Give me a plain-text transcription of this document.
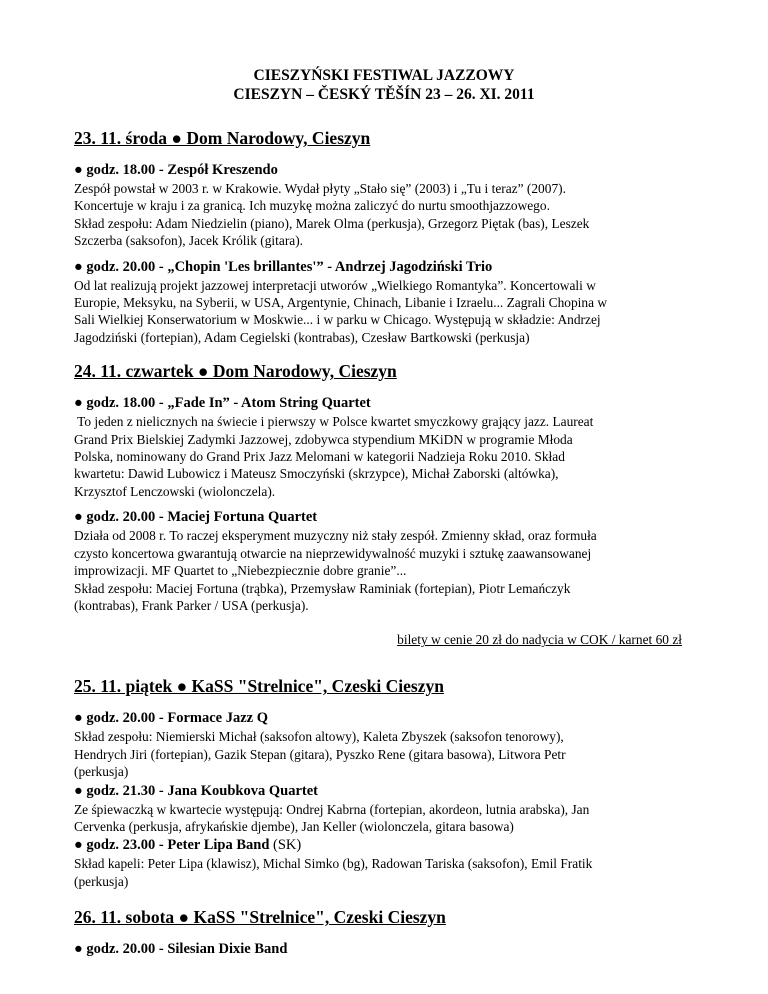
CIESZYŃSKI FESTIWAL JAZZOWY
CIESZYN – ČESKÝ TĚŠÍN 23 – 26. XI. 2011

23. 11. środa ● Dom Narodowy, Cieszyn

● godz. 18.00 - Zespół Kreszendo

Zespół powstał w 2003 r. w Krakowie. Wydał płyty „Stało się” (2003) i „Tu i teraz” (2007).
Koncertuje w kraju i za granicą. Ich muzykę można zaliczyć do nurtu smoothjazzowego.
Skład zespołu: Adam Niedzielin (piano), Marek Olma (perkusja), Grzegorz Piętak (bas), Leszek
Szczerba (saksofon), Jacek Królik (gitara).

● godz. 20.00 - „Chopin 'Les brillantes'” - Andrzej Jagodziński Trio

Od lat realizują projekt jazzowej interpretacji utworów „Wielkiego Romantyka”. Koncertowali w
Europie, Meksyku, na Syberii, w USA, Argentynie, Chinach, Libanie i Izraelu... Zagrali Chopina w
Sali Wielkiej Konserwatorium w Moskwie... i w parku w Chicago. Występują w składzie: Andrzej
Jagodziński (fortepian), Adam Cegielski (kontrabas), Czesław Bartkowski (perkusja)

24. 11. czwartek ● Dom Narodowy, Cieszyn

● godz. 18.00 - „Fade In” - Atom String Quartet

To jeden z nielicznych na świecie i pierwszy w Polsce kwartet smyczkowy grający jazz. Laureat
Grand Prix Bielskiej Zadymki Jazzowej, zdobywca stypendium MKiDN w programie Młoda
Polska, nominowany do Grand Prix Jazz Melomani w kategorii Nadzieja Roku 2010. Skład
kwartetu: Dawid Lubowicz i Mateusz Smoczyński (skrzypce), Michał Zaborski (altówka),
Krzysztof Lenczowski (wiolonczela).

● godz. 20.00 - Maciej Fortuna Quartet

Działa od 2008 r. To raczej eksperyment muzyczny niż stały zespół. Zmienny skład, oraz formuła
czysto koncertowa gwarantują otwarcie na nieprzewidywalność muzyki i sztukę zaawansowanej
improwizacji. MF Quartet to „Niebezpiecznie dobre granie”...
Skład zespołu: Maciej Fortuna (trąbka), Przemysław Raminiak (fortepian), Piotr Lemańczyk
(kontrabas), Frank Parker / USA (perkusja).

bilety w cenie 20 zł do nadycia w COK / karnet 60 zł

25. 11. piątek ● KaSS "Strelnice", Czeski Cieszyn

● godz. 20.00 - Formace Jazz Q

Skład zespołu: Niemierski Michał (saksofon altowy), Kaleta Zbyszek (saksofon tenorowy),
Hendrych Jiri (fortepian), Gazik Stepan (gitara), Pyszko Rene (gitara basowa), Litwora Petr
(perkusja)

● godz. 21.30 - Jana Koubkova Quartet

Ze śpiewaczką w kwartecie występują: Ondrej Kabrna (fortepian, akordeon, lutnia arabska), Jan
Cervenka (perkusja, afrykańskie djembe), Jan Keller (wiolonczela, gitara basowa)

● godz. 23.00 - Peter Lipa Band (SK)

Skład kapeli: Peter Lipa (klawisz), Michal Simko (bg), Radowan Tariska (saksofon), Emil Fratik
(perkusja)

26. 11. sobota ● KaSS "Strelnice", Czeski Cieszyn

● godz. 20.00 - Silesian Dixie Band
